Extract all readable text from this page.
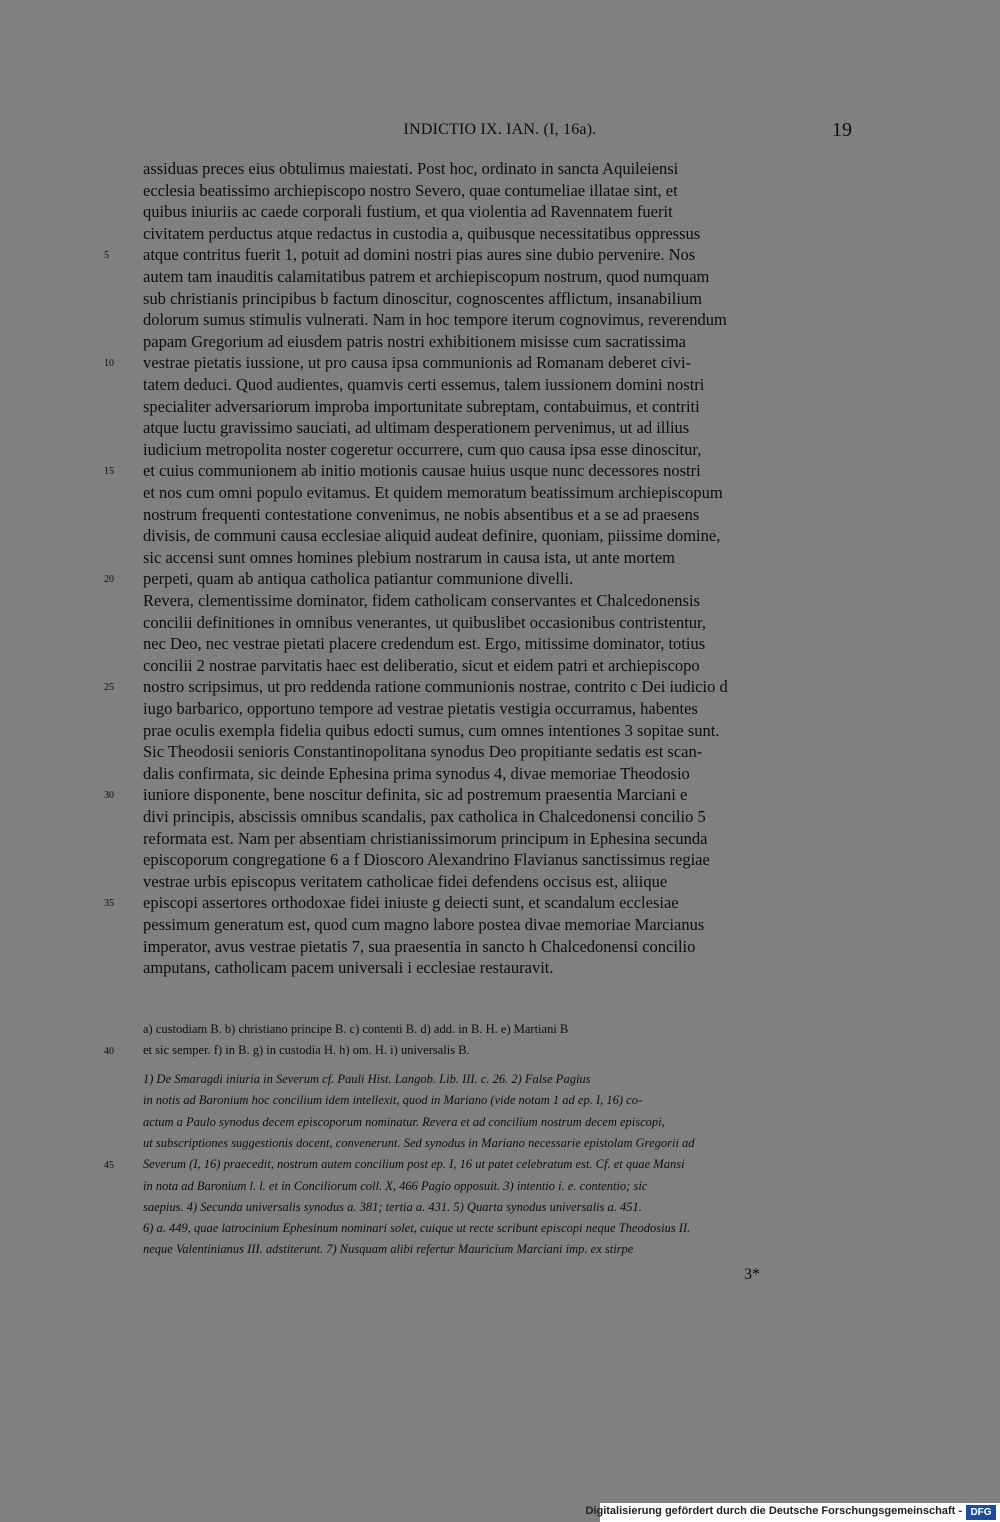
INDICTIO IX. IAN. (I, 16a).	19
assiduas preces eius obtulimus maiestati. Post hoc, ordinato in sancta Aquileiensi
ecclesia beatissimo archiepiscopo nostro Severo, quae contumeliae illatae sint, et
quibus iniuriis ac caede corporali fustium, et qua violentia ad Ravennatem fuerit
civitatem perductus atque redactus in custodia a, quibusque necessitatibus oppressus
atque contritus fuerit 1, potuit ad domini nostri pias aures sine dubio pervenire. Nos
autem tam inauditis calamitatibus patrem et archiepiscopum nostrum, quod numquam
sub christianis principibus b factum dinoscitur, cognoscentes afflictum, insanabilium
dolorum sumus stimulis vulnerati. Nam in hoc tempore iterum cognovimus, reverendum
papam Gregorium ad eiusdem patris nostri exhibitionem misisse cum sacratissima
vestrae pietatis iussione, ut pro causa ipsa communionis ad Romanam deberet civi-
tatem deduci. Quod audientes, quamvis certi essemus, talem iussionem domini nostri
specialiter adversariorum improba importunitate subreptam, contabuimus, et contriti
atque luctu gravissimo sauciati, ad ultimam desperationem pervenimus, ut ad illius
iudicium metropolita noster cogeretur occurrere, cum quo causa ipsa esse dinoscitur,
et cuius communionem ab initio motionis causae huius usque nunc decessores nostri
et nos cum omni populo evitamus. Et quidem memoratum beatissimum archiepiscopum
nostrum frequenti contestatione convenimus, ne nobis absentibus et a se ad praesens
divisis, de communi causa ecclesiae aliquid audeat definire, quoniam, piissime domine,
sic accensi sunt omnes homines plebium nostrarum in causa ista, ut ante mortem
perpeti, quam ab antiqua catholica patiantur communione divelli.
Revera, clementissime dominator, fidem catholicam conservantes et Chalcedonensis
concilii definitiones in omnibus venerantes, ut quibuslibet occasionibus contristentur,
nec Deo, nec vestrae pietati placere credendum est. Ergo, mitissime dominator, totius
concilii 2 nostrae parvitatis haec est deliberatio, sicut et eidem patri et archiepiscopo
nostro scripsimus, ut pro reddenda ratione communionis nostrae, contrito c Dei iudicio d
iugo barbarico, opportuno tempore ad vestrae pietatis vestigia occurramus, habentes
prae oculis exempla fidelia quibus edocti sumus, cum omnes intentiones 3 sopitae sunt.
Sic Theodosii senioris Constantinopolitana synodus Deo propitiante sedatis est scan-
dalis confirmata, sic deinde Ephesina prima synodus 4, divae memoriae Theodosio
iuniore disponente, bene noscitur definita, sic ad postremum praesentia Marciani e
divi principis, abscissis omnibus scandalis, pax catholica in Chalcedonensi concilio 5
reformata est. Nam per absentiam christianissimorum principum in Ephesina secunda
episcoporum congregatione 6 a f Dioscoro Alexandrino Flavianus sanctissimus regiae
vestrae urbis episcopus veritatem catholicae fidei defendens occisus est, aliique
episcopi assertores orthodoxae fidei iniuste g deiecti sunt, et scandalum ecclesiae
pessimum generatum est, quod cum magno labore postea divae memoriae Marcianus
imperator, avus vestrae pietatis 7, sua praesentia in sancto h Chalcedonensi concilio
amputans, catholicam pacem universali i ecclesiae restauravit.
5
10
15
20
25
30
35
a) custodiam B. b) christiano principe B. c) contenti B. d) add. in B. H. e) Martiani B
et sic semper. f) in B. g) in custodia H. h) om. H. i) universalis B.
40
1) De Smaragdi iniuria in Severum cf. Pauli Hist. Langob. Lib. III. c. 26. 2) False Pagius
in notis ad Baronium hoc concilium idem intellexit, quod in Mariano (vide notam 1 ad ep. I, 16) co-
actum a Paulo synodus decem episcoporum nominatur. Revera et ad concilium nostrum decem episcopi,
ut subscriptiones suggestionis docent, convenerunt. Sed synodus in Mariano necessarie epistolam Gregorii ad
Severum (I, 16) praecedit, nostrum autem concilium post ep. I, 16 ut patet celebratum est. Cf. et quae Mansi
in nota ad Baronium l. l. et in Conciliorum coll. X, 466 Pagio opposuit. 3) intentio i. e. contentio; sic
saepius. 4) Secunda universalis synodus a. 381; tertia a. 431. 5) Quarta synodus universalis a. 451.
6) a. 449, quae latrocinium Ephesinum nominari solet, cuique ut recte scribunt episcopi neque Theodosius II.
neque Valentinianus III. adstiterunt. 7) Nusquam alibi refertur Mauricium Marciani imp. ex stirpe
45
3*
Digitalisierung gefördert durch die Deutsche Forschungsgemeinschaft - DFG
